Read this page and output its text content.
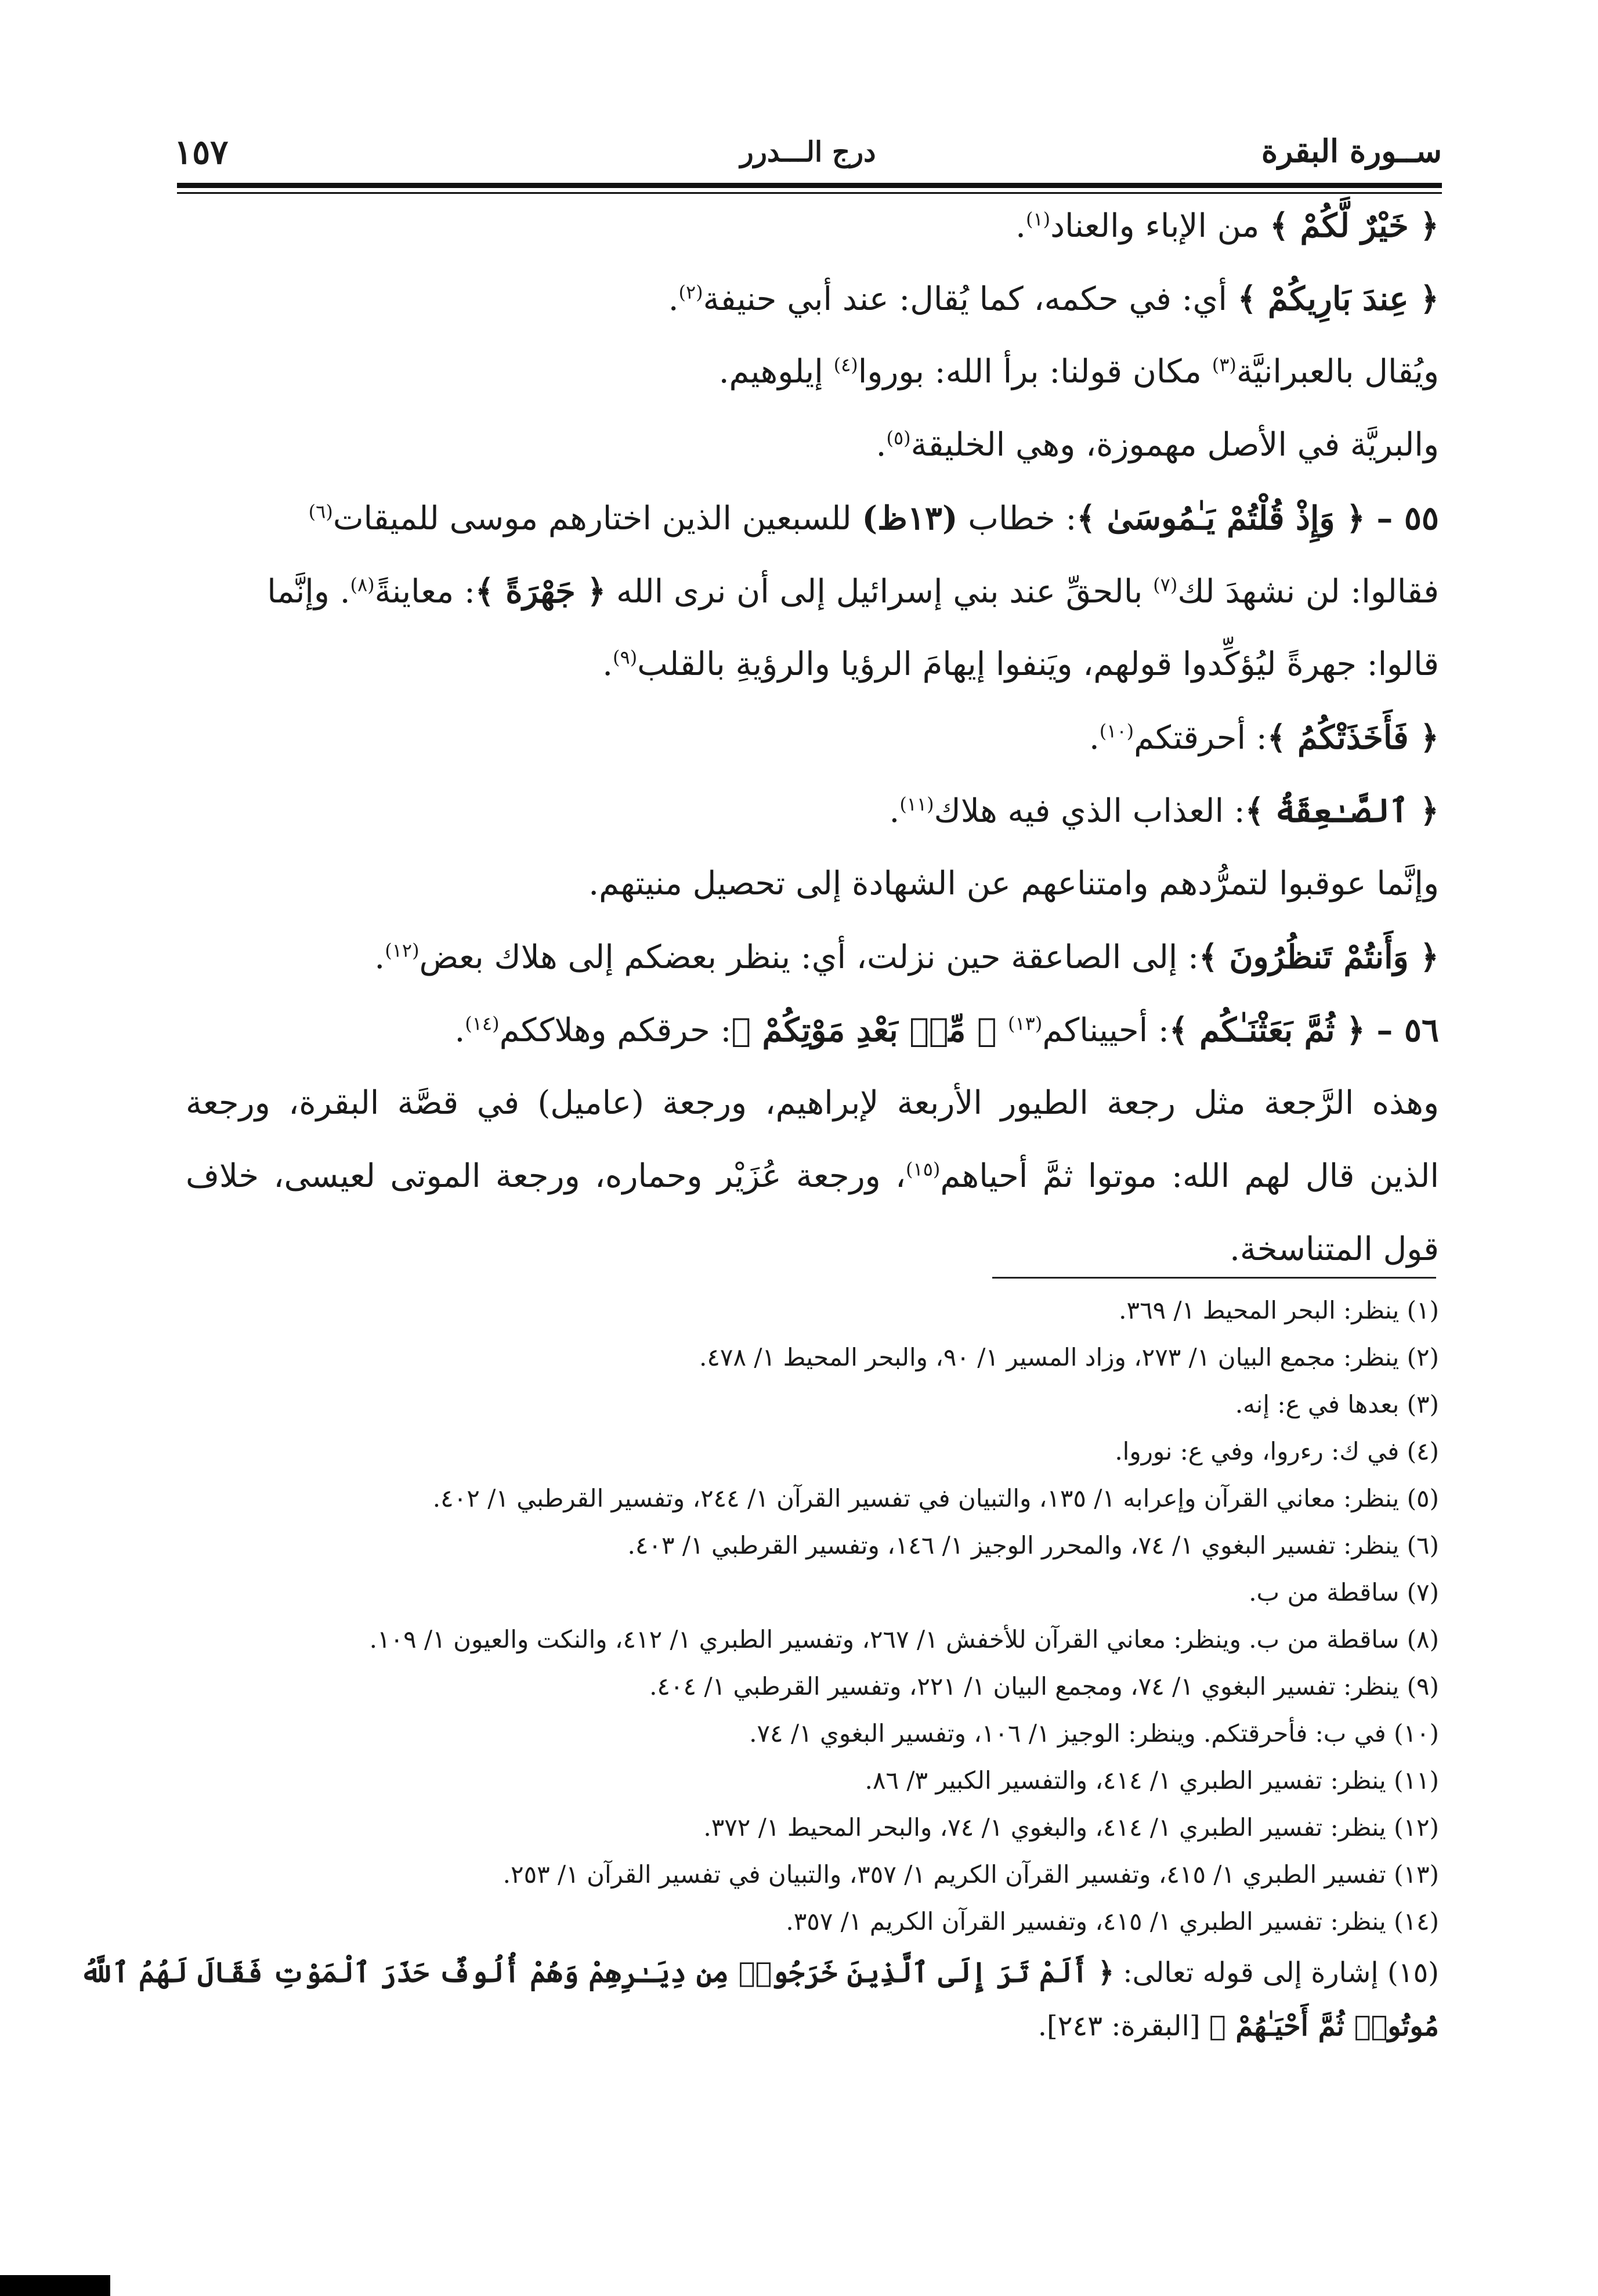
ســورة البقرة
درج الـــدرر
١٥٧
﴿ خَيْرٌ لَّكُمْ ﴾ من الإباء والعناد$^{(١)}$.
﴿ عِندَ بَارِيكُمْ ﴾ أي: في حكمه، كما يُقال: عند أبي حنيفة$^{(٢)}$.
ويُقال بالعبرانيَّة$^{(٣)}$ مكان قولنا: برأ الله: بوروا$^{(٤)}$ إيلوهيم.
والبريَّة في الأصل مهموزة، وهي الخليقة$^{(٥)}$.
٥٥ – ﴿ وَإِذْ قُلْتُمْ يَـٰمُوسَىٰ ﴾: خطاب (١٣ظ) للسبعين الذين اختارهم موسى للميقات$^{(٦)}$
فقالوا: لن نشهدَ لك$^{(٧)}$ بالحقِّ عند بني إسرائيل إلى أن نرى الله ﴿ جَهْرَةً ﴾: معاينةً$^{(٨)}$. وإنَّما
قالوا: جهرةً ليُؤكِّدوا قولهم، ويَنفوا إيهامَ الرؤيا والرؤيةِ بالقلب$^{(٩)}$.
﴿ فَأَخَذَتْكُمُ ﴾: أحرقتكم$^{(١٠)}$.
﴿ ٱلصَّـٰعِقَةُ ﴾: العذاب الذي فيه هلاك$^{(١١)}$.
وإنَّما عوقبوا لتمرُّدهم وامتناعهم عن الشهادة إلى تحصيل منيتهم.
﴿ وَأَنتُمْ تَنظُرُونَ ﴾: إلى الصاعقة حين نزلت، أي: ينظر بعضكم إلى هلاك بعض$^{(١٢)}$.
٥٦ – ﴿ ثُمَّ بَعَثْنَـٰكُم ﴾: أحييناكم$^{(١٣)}$ ﴿ مِّنۢ بَعْدِ مَوْتِكُمْ ﴾: حرقكم وهلاككم$^{(١٤)}$.
وهذه الرَّجعة مثل رجعة الطيور الأربعة لإبراهيم، ورجعة (عاميل) في قصَّة البقرة، ورجعة
الذين قال لهم الله: موتوا ثمَّ أحياهم$^{(١٥)}$، ورجعة عُزَيْر وحماره، ورجعة الموتى لعيسى، خلاف
قول المتناسخة.
(١) ينظر: البحر المحيط ١/ ٣٦٩.
(٢) ينظر: مجمع البيان ١/ ٢٧٣، وزاد المسير ١/ ٩٠، والبحر المحيط ١/ ٤٧٨.
(٣) بعدها في ع: إنه.
(٤) في ك: رءروا، وفي ع: نوروا.
(٥) ينظر: معاني القرآن وإعرابه ١/ ١٣٥، والتبيان في تفسير القرآن ١/ ٢٤٤، وتفسير القرطبي ١/ ٤٠٢.
(٦) ينظر: تفسير البغوي ١/ ٧٤، والمحرر الوجيز ١/ ١٤٦، وتفسير القرطبي ١/ ٤٠٣.
(٧) ساقطة من ب.
(٨) ساقطة من ب. وينظر: معاني القرآن للأخفش ١/ ٢٦٧، وتفسير الطبري ١/ ٤١٢، والنكت والعيون ١/ ١٠٩.
(٩) ينظر: تفسير البغوي ١/ ٧٤، ومجمع البيان ١/ ٢٢١، وتفسير القرطبي ١/ ٤٠٤.
(١٠) في ب: فأحرقتكم. وينظر: الوجيز ١/ ١٠٦، وتفسير البغوي ١/ ٧٤.
(١١) ينظر: تفسير الطبري ١/ ٤١٤، والتفسير الكبير ٣/ ٨٦.
(١٢) ينظر: تفسير الطبري ١/ ٤١٤، والبغوي ١/ ٧٤، والبحر المحيط ١/ ٣٧٢.
(١٣) تفسير الطبري ١/ ٤١٥، وتفسير القرآن الكريم ١/ ٣٥٧، والتبيان في تفسير القرآن ١/ ٢٥٣.
(١٤) ينظر: تفسير الطبري ١/ ٤١٥، وتفسير القرآن الكريم ١/ ٣٥٧.
(١٥) إشارة إلى قوله تعالى: ﴿ أَلَمْ تَرَ إِلَى ٱلَّذِينَ خَرَجُوا۟ مِن دِيَـٰرِهِمْ وَهُمْ أُلُوفٌ حَذَرَ ٱلْمَوْتِ فَقَالَ لَهُمُ ٱللَّهُ
مُوتُوا۟ ثُمَّ أَحْيَـٰهُمْ ﴾ [البقرة: ٢٤٣].
